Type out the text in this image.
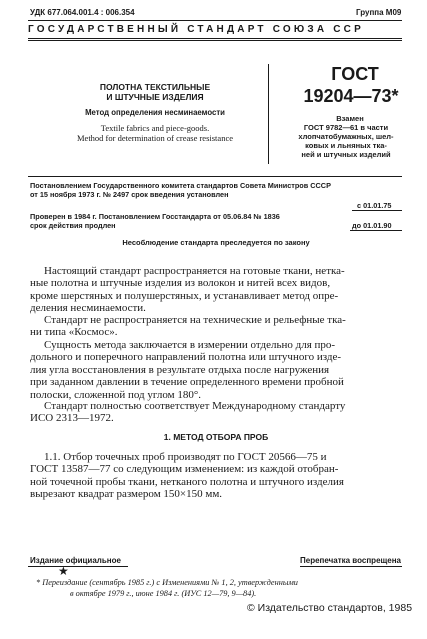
УДК 677.064.001.4 : 006.354	Группа М09
ГОСУДАРСТВЕННЫЙ СТАНДАРТ СОЮЗА ССР
ПОЛОТНА ТЕКСТИЛЬНЫЕ
И ШТУЧНЫЕ ИЗДЕЛИЯ
Метод определения несминаемости
Textile fabrics and piece-goods.
Method for determination of crease resistance
ГОСТ
19204—73*
Взамен
ГОСТ 9782—61 в части
хлопчатобумажных, шел-
ковых и льняных тка-
ней и штучных изделий
Постановлением Государственного комитета стандартов Совета Министров СССР
от 15 ноября 1973 г. № 2497 срок введения установлен
с 01.01.75
Проверен в 1984 г. Постановлением Госстандарта от 05.06.84 № 1836
срок действия продлен	до 01.01.90
Несоблюдение стандарта преследуется по закону
Настоящий стандарт распространяется на готовые ткани, нетка-
ные полотна и штучные изделия из волокон и нитей всех видов,
кроме шерстяных и полушерстяных, и устанавливает метод опре-
деления несминаемости.
Стандарт не распространяется на технические и рельефные тка-
ни типа «Космос».
Сущность метода заключается в измерении отдельно для про-
дольного и поперечного направлений полотна или штучного изде-
лия угла восстановления в результате отдыха после нагружения
при заданном давлении в течение определенного времени пробной
полоски, сложенной под углом 180°.
Стандарт полностью соответствует Международному стандарту
ИСО 2313—1972.
1. МЕТОД ОТБОРА ПРОБ
1.1. Отбор точечных проб производят по ГОСТ 20566—75 и
ГОСТ 13587—77 со следующим изменением: из каждой отобран-
ной точечной пробы ткани, нетканого полотна и штучного изделия
вырезают квадрат размером 150×150 мм.
Издание официальное	Перепечатка воспрещена
★
* Переиздание (сентябрь 1985 г.) с Изменениями № 1, 2, утвержденными
в октябре 1979 г., июне 1984 г. (ИУС 12—79, 9—84).
© Издательство стандартов, 1985
